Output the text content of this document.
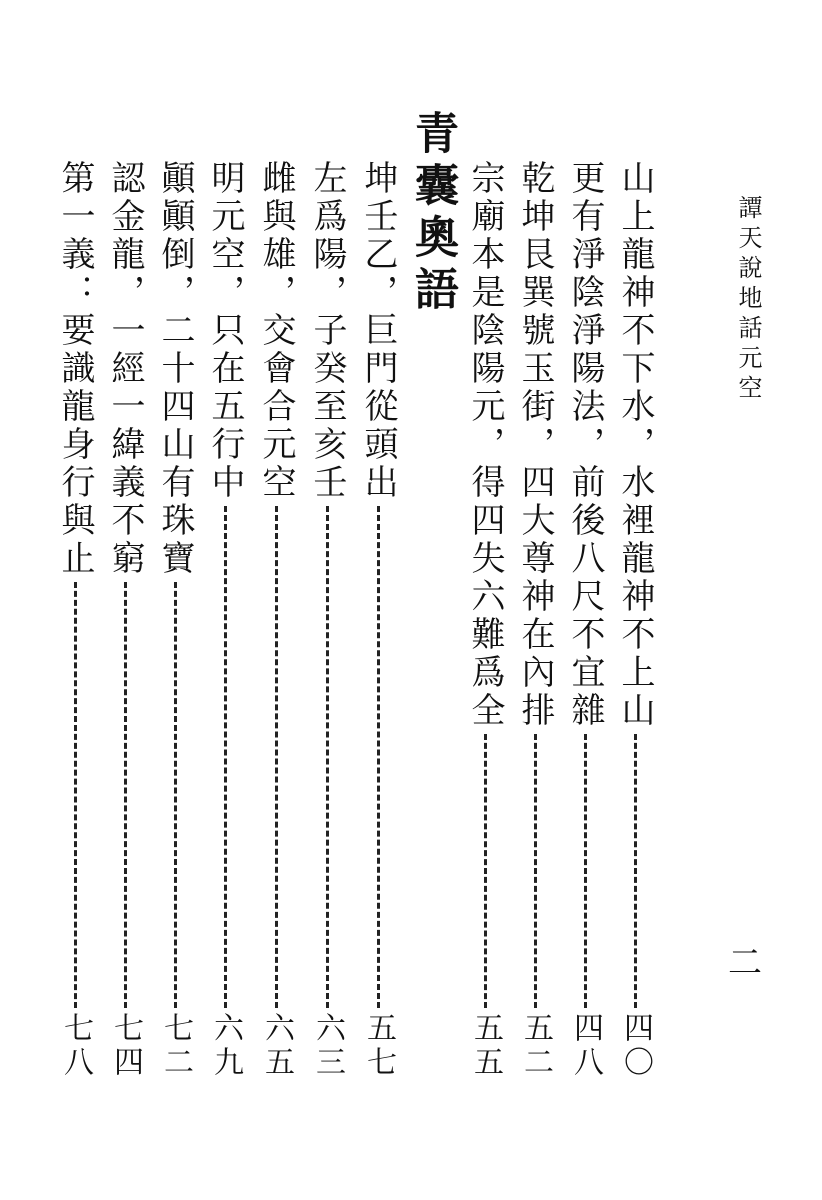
譚天說地話元空
青囊奧語
二
山上龍神不下水，水裡龍神不上山
四〇
更有淨陰淨陽法，前後八尺不宜雜
四八
乾坤艮巽號玉街，四大尊神在內排
五二
宗廟本是陰陽元，得四失六難爲全
五五
坤壬乙，巨門從頭出
五七
左爲陽，子癸至亥壬
六三
雌與雄，交會合元空
六五
明元空，只在五行中
六九
顚顚倒，二十四山有珠寶
七二
認金龍，一經一緯義不窮
七四
第一義：要識龍身行與止
七八
